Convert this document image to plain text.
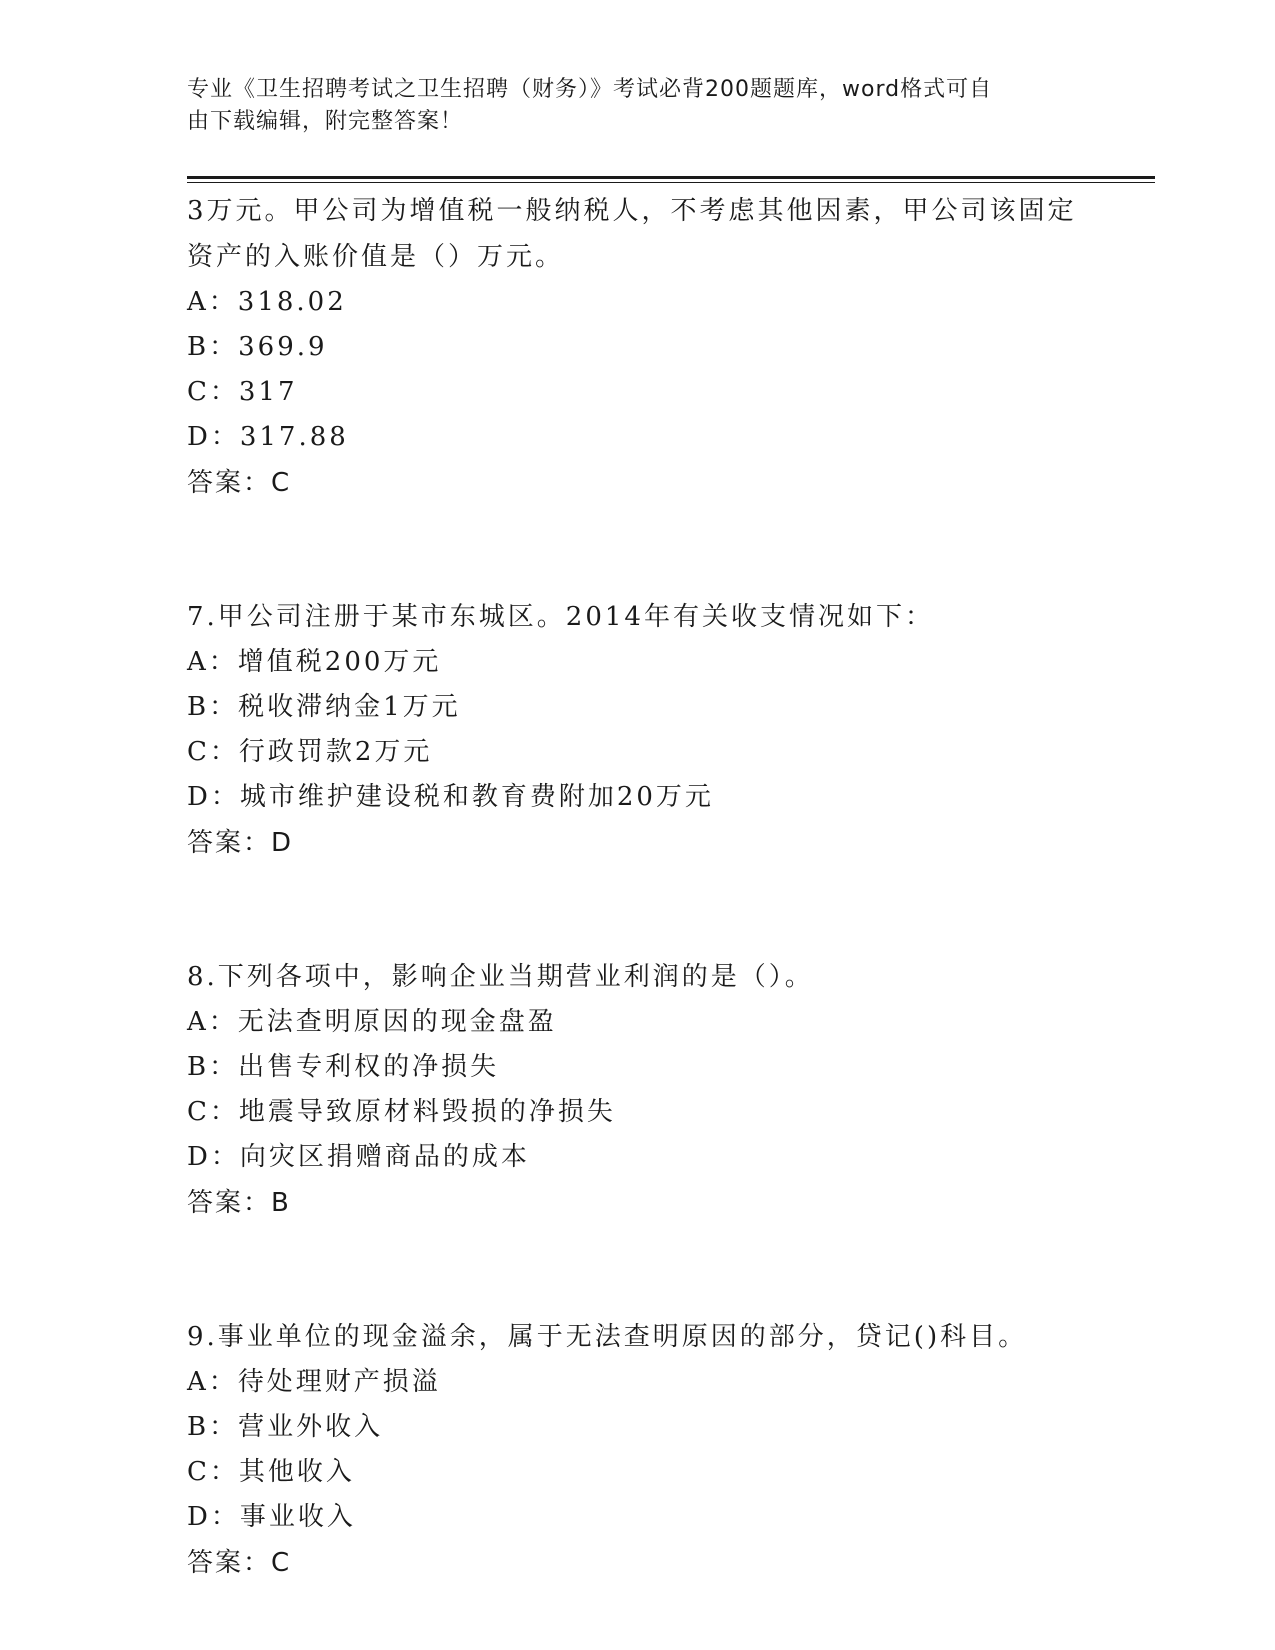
专业《卫生招聘考试之卫生招聘（财务）》考试必背200题题库，word格式可自
由下载编辑，附完整答案！
3万元。甲公司为增值税一般纳税人，不考虑其他因素，甲公司该固定
资产的入账价值是（）万元。
A：318.02
B：369.9
C：317
D：317.88
答案：C
7.甲公司注册于某市东城区。2014年有关收支情况如下：
A：增值税200万元
B：税收滞纳金1万元
C：行政罚款2万元
D：城市维护建设税和教育费附加20万元
答案：D
8.下列各项中，影响企业当期营业利润的是（）。
A：无法查明原因的现金盘盈
B：出售专利权的净损失
C：地震导致原材料毁损的净损失
D：向灾区捐赠商品的成本
答案：B
9.事业单位的现金溢余，属于无法查明原因的部分，贷记()科目。
A：待处理财产损溢
B：营业外收入
C：其他收入
D：事业收入
答案：C
